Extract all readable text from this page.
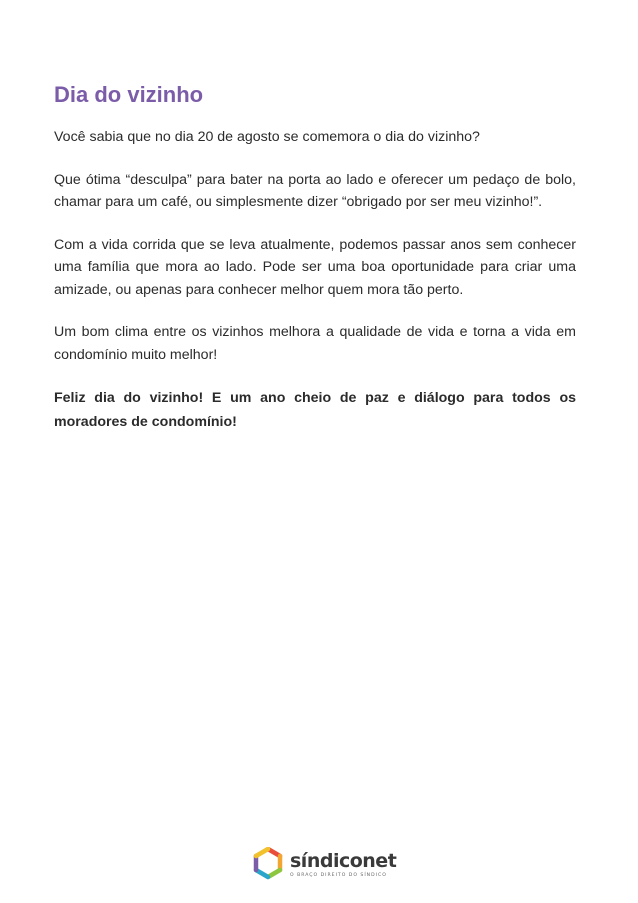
Dia do vizinho

Você sabia que no dia 20 de agosto se comemora o dia do vizinho?

Que ótima “desculpa” para bater na porta ao lado e oferecer um pedaço de bolo, chamar para um café, ou simplesmente dizer “obrigado por ser meu vizinho!”.

Com a vida corrida que se leva atualmente, podemos passar anos sem conhecer uma família que mora ao lado. Pode ser uma boa oportunidade para criar uma amizade, ou apenas para conhecer melhor quem mora tão perto.

Um bom clima entre os vizinhos melhora a qualidade de vida e torna a vida em condomínio muito melhor!

Feliz dia do vizinho! E um ano cheio de paz e diálogo para todos os moradores de condomínio!

síndiconet
O BRAÇO DIREITO DO SÍNDICO
